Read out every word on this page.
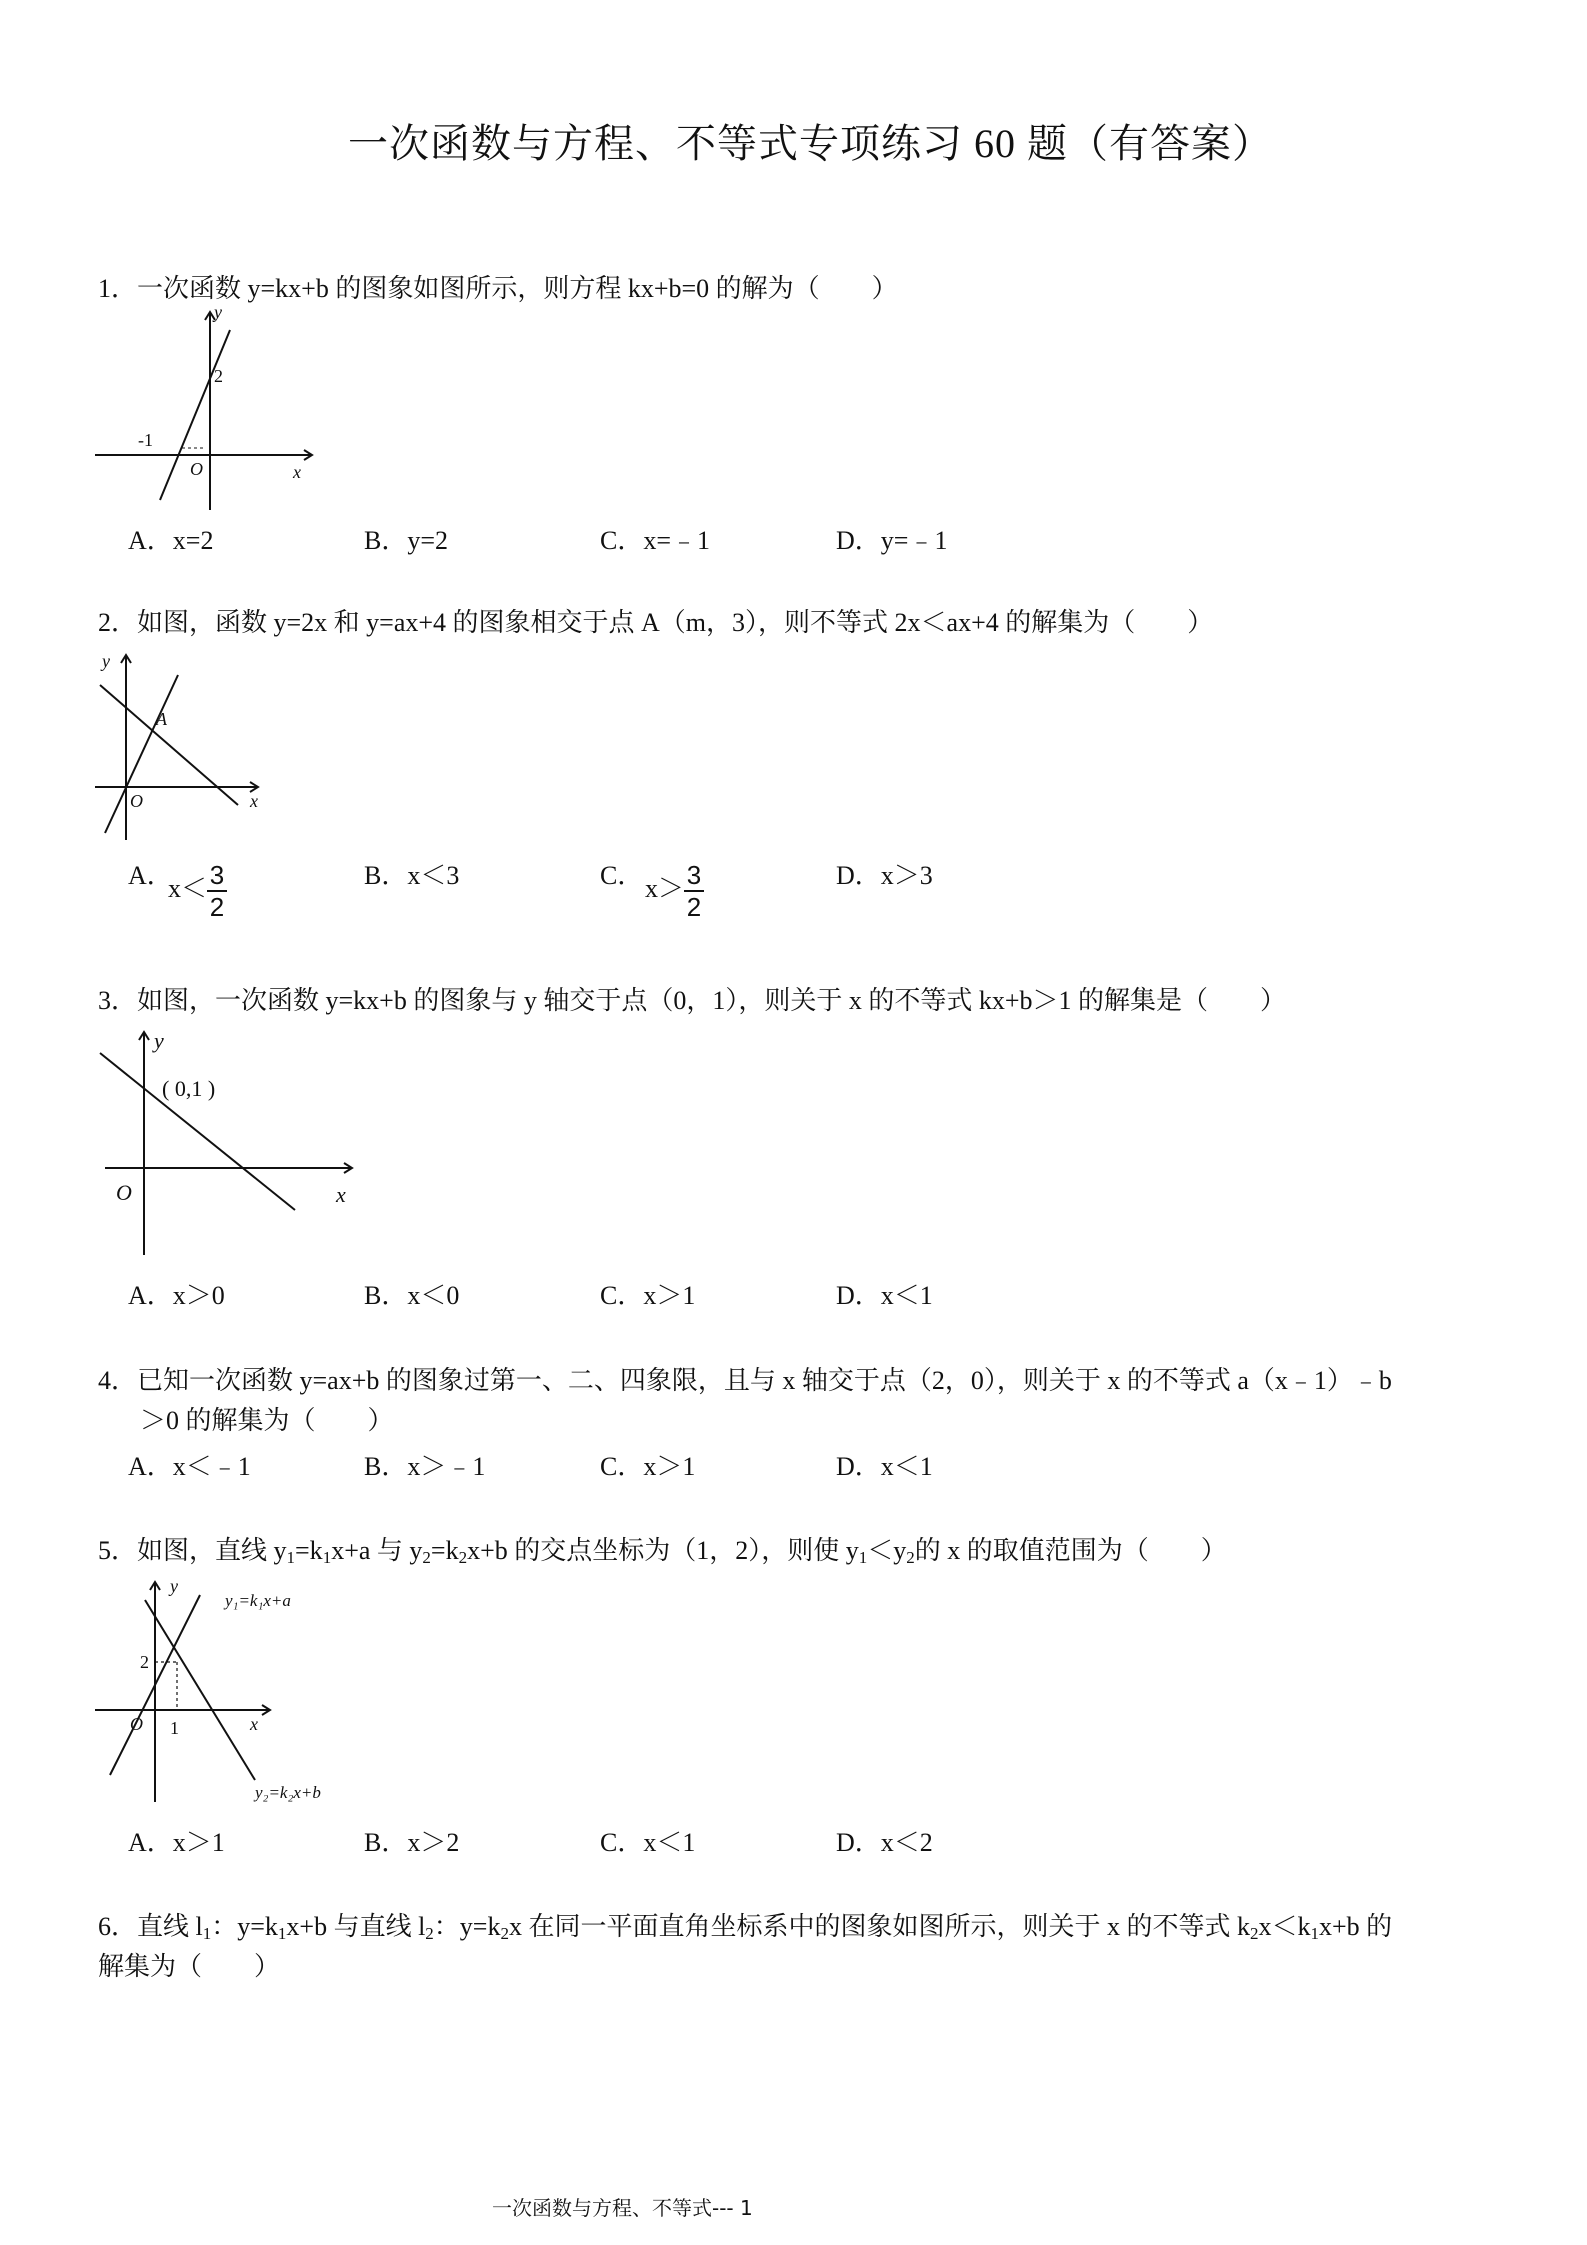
一次函数与方程、不等式专项练习 60 题（有答案）
1．一次函数 y=kx+b 的图象如图所示，则方程 kx+b=0 的解为（　　）
y
x
O
2
-1
A．x=2	B．y=2	C．x=﹣1	D．y=﹣1
2．如图，函数 y=2x 和 y=ax+4 的图象相交于点 A（m，3），则不等式 2x＜ax+4 的解集为（　　）
y
x
O
A
A．
$x< \frac{3}{2}$	B．x＜3	C． $x> \frac{3}{2}$	D．x＞3
3．如图，一次函数 y=kx+b 的图象与 y 轴交于点（0，1），则关于 x 的不等式 kx+b＞1 的解集是（　　）
y
x
O
( 0,1 )
A．x＞0	B．x＜0	C．x＞1	D．x＜1
4．已知一次函数 y=ax+b 的图象过第一、二、四象限，且与 x 轴交于点（2，0），则关于 x 的不等式 a（x﹣1）﹣b
＞0 的解集为（　　）
A．x＜﹣1	B．x＞﹣1	C．x＞1	D．x＜1
5．如图，直线 $y_1=k_1x+a$ 与 $y_2=k_2x+b$ 的交点坐标为（1，2），则使 $y_1<y_2$的 x 的取值范围为（　　）
y
x
O
2
1
y₁=k₁x+a
y₂=k₂x+b
A．x＞1	B．x＞2	C．x＜1	D．x＜2
6．直线 $l_1$：$y=k_1x+b$ 与直线 $l_2$：$y=k_2x$ 在同一平面直角坐标系中的图象如图所示，则关于 x 的不等式 $k_2x<k_1x+b$ 的
解集为（　　）
一次函数与方程、不等式--- 1
